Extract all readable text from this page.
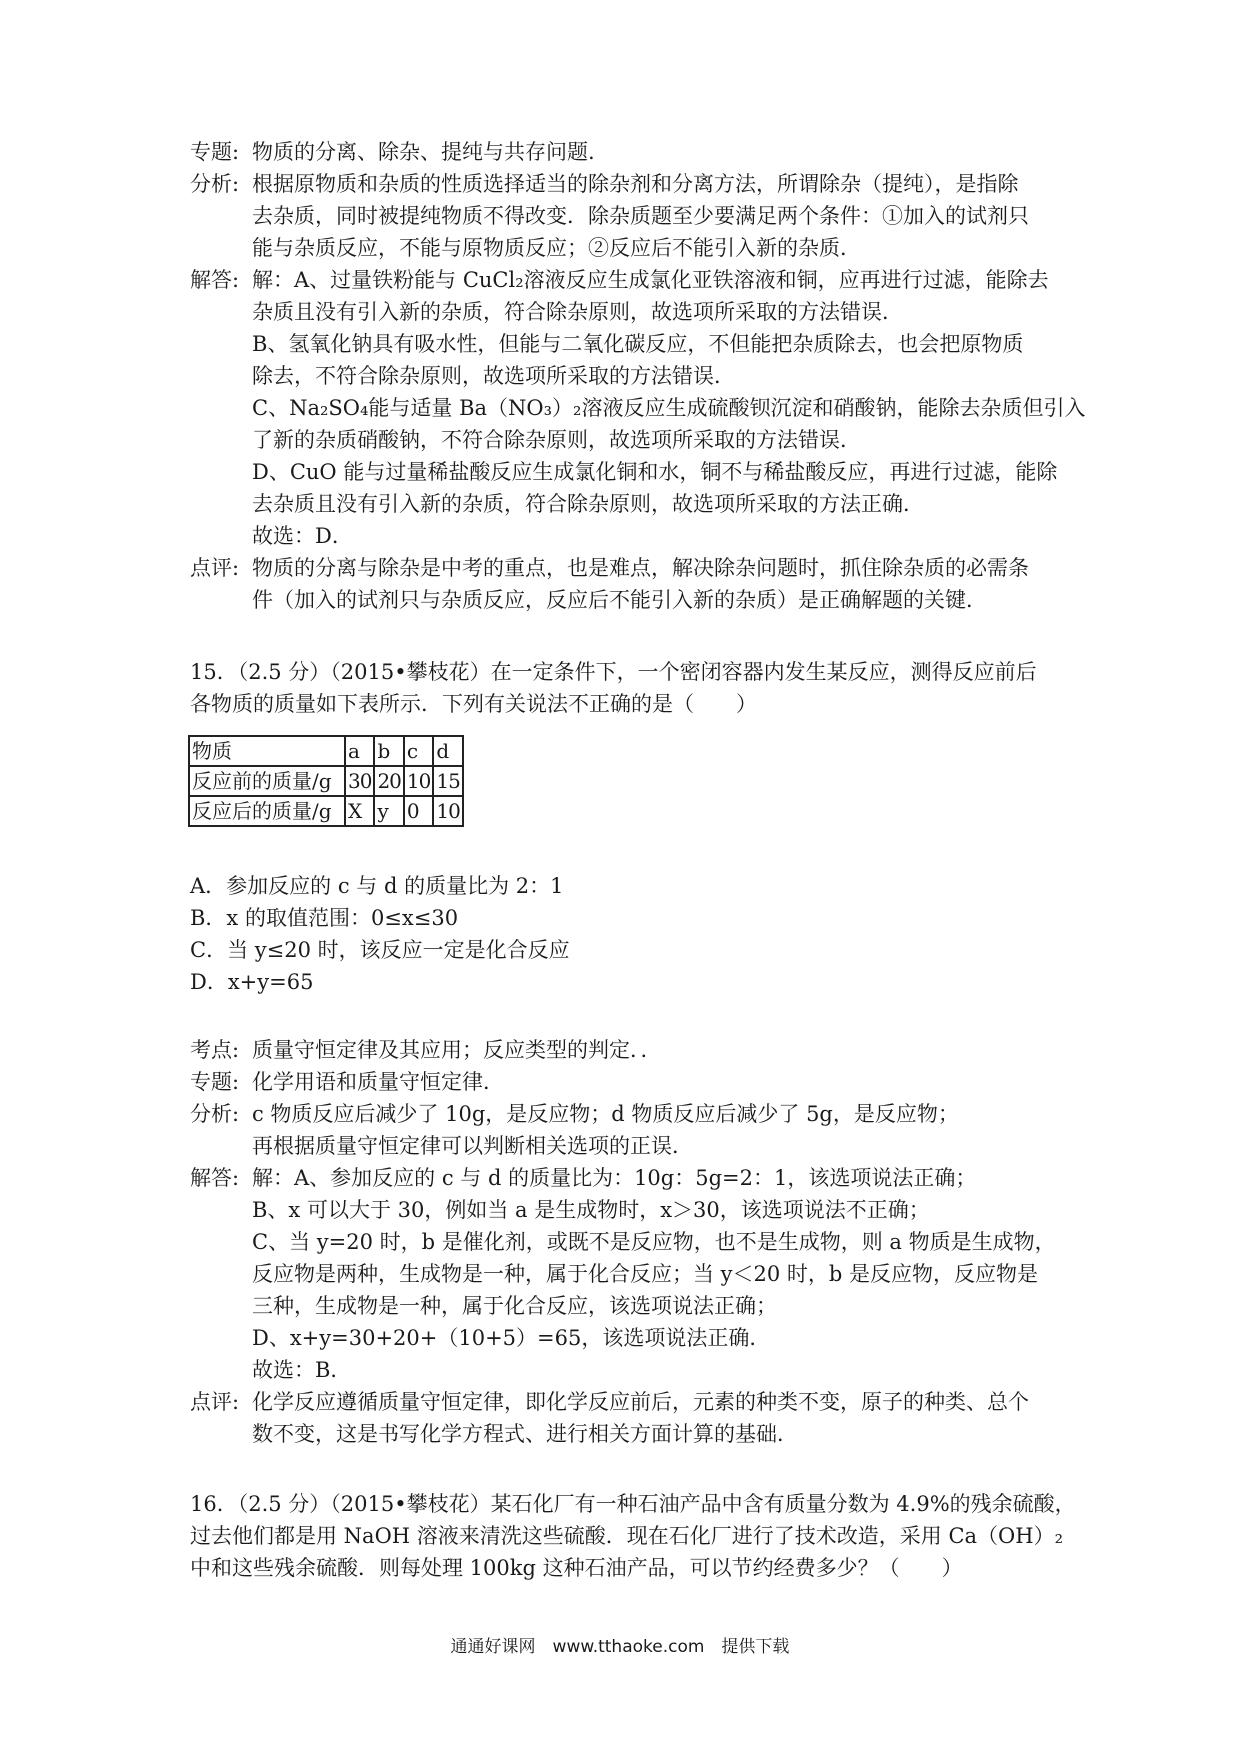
专题: 物质的分离、除杂、提纯与共存问题.
分析: 根据原物质和杂质的性质选择适当的除杂剂和分离方法，所谓除杂（提纯），是指除
去杂质，同时被提纯物质不得改变．除杂质题至少要满足两个条件：①加入的试剂只
能与杂质反应，不能与原物质反应；②反应后不能引入新的杂质．
解答: 解：A、过量铁粉能与 CuCl₂溶液反应生成氯化亚铁溶液和铜，应再进行过滤，能除去
杂质且没有引入新的杂质，符合除杂原则，故选项所采取的方法错误．
B、氢氧化钠具有吸水性，但能与二氧化碳反应，不但能把杂质除去，也会把原物质
除去，不符合除杂原则，故选项所采取的方法错误．
C、Na₂SO₄能与适量 Ba（NO₃）₂溶液反应生成硫酸钡沉淀和硝酸钠，能除去杂质但引入
了新的杂质硝酸钠，不符合除杂原则，故选项所采取的方法错误．
D、CuO 能与过量稀盐酸反应生成氯化铜和水，铜不与稀盐酸反应，再进行过滤，能除
去杂质且没有引入新的杂质，符合除杂原则，故选项所采取的方法正确．
故选：D．
点评: 物质的分离与除杂是中考的重点，也是难点，解决除杂问题时，抓住除杂质的必需条
件（加入的试剂只与杂质反应，反应后不能引入新的杂质）是正确解题的关键．
15．（2.5 分）（2015•攀枝花）在一定条件下，一个密闭容器内发生某反应，测得反应前后
各物质的质量如下表所示．下列有关说法不正确的是（　　）
物质	a	b	c	d
反应前的质量/g	30	20	10	15
反应后的质量/g	X	y	0	10
A．参加反应的 c 与 d 的质量比为 2：1
B．x 的取值范围：0≤x≤30
C．当 y≤20 时，该反应一定是化合反应
D．x+y=65
考点: 质量守恒定律及其应用；反应类型的判定．．
专题: 化学用语和质量守恒定律．
分析: c 物质反应后减少了 10g，是反应物；d 物质反应后减少了 5g，是反应物；
再根据质量守恒定律可以判断相关选项的正误．
解答: 解：A、参加反应的 c 与 d 的质量比为：10g：5g=2：1，该选项说法正确；
B、x 可以大于 30，例如当 a 是生成物时，x＞30，该选项说法不正确；
C、当 y=20 时，b 是催化剂，或既不是反应物，也不是生成物，则 a 物质是生成物，
反应物是两种，生成物是一种，属于化合反应；当 y＜20 时，b 是反应物，反应物是
三种，生成物是一种，属于化合反应，该选项说法正确；
D、x+y=30+20+（10+5）=65，该选项说法正确．
故选：B．
点评: 化学反应遵循质量守恒定律，即化学反应前后，元素的种类不变，原子的种类、总个
数不变，这是书写化学方程式、进行相关方面计算的基础．
16．（2.5 分）（2015•攀枝花）某石化厂有一种石油产品中含有质量分数为 4.9%的残余硫酸，
过去他们都是用 NaOH 溶液来清洗这些硫酸．现在石化厂进行了技术改造，采用 Ca（OH）₂
中和这些残余硫酸．则每处理 100kg 这种石油产品，可以节约经费多少？（　　）
通通好课网　www.tthaoke.com　提供下载
